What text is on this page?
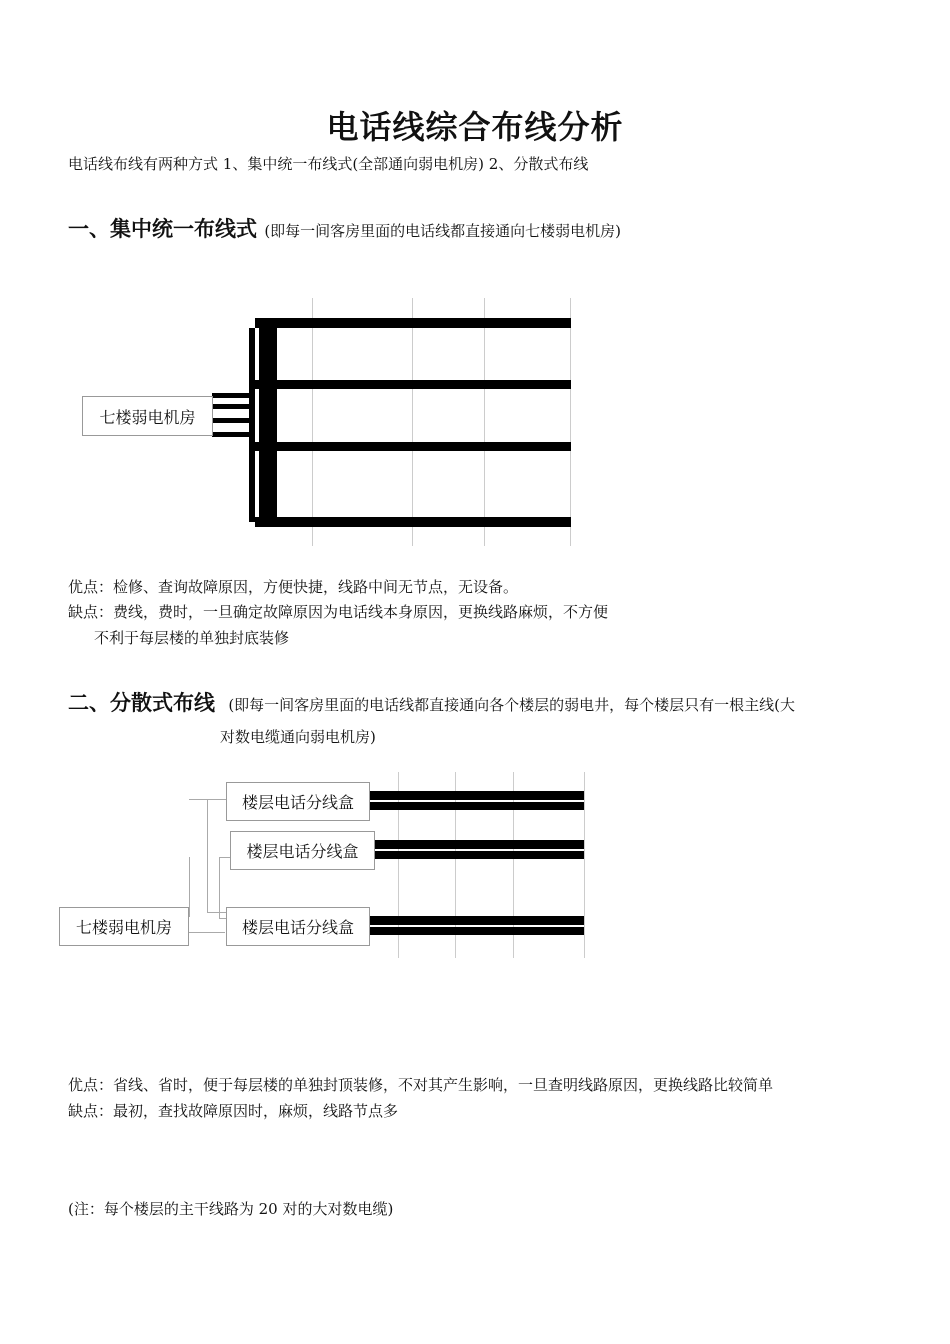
电话线综合布线分析
电话线布线有两种方式 1、集中统一布线式(全部通向弱电机房) 2、分散式布线
一、集中统一布线式 (即每一间客房里面的电话线都直接通向七楼弱电机房)
七楼弱电机房
优点：检修、查询故障原因，方便快捷，线路中间无节点，无设备。
缺点：费线，费时，一旦确定故障原因为电话线本身原因，更换线路麻烦，不方便
不利于每层楼的单独封底装修
二、分散式布线 (即每一间客房里面的电话线都直接通向各个楼层的弱电井，每个楼层只有一根主线(大
对数电缆通向弱电机房)
楼层电话分线盒
楼层电话分线盒
楼层电话分线盒
七楼弱电机房
优点：省线、省时，便于每层楼的单独封顶装修，不对其产生影响，一旦查明线路原因，更换线路比较简单
缺点：最初，查找故障原因时，麻烦，线路节点多
(注：每个楼层的主干线路为 20 对的大对数电缆)
